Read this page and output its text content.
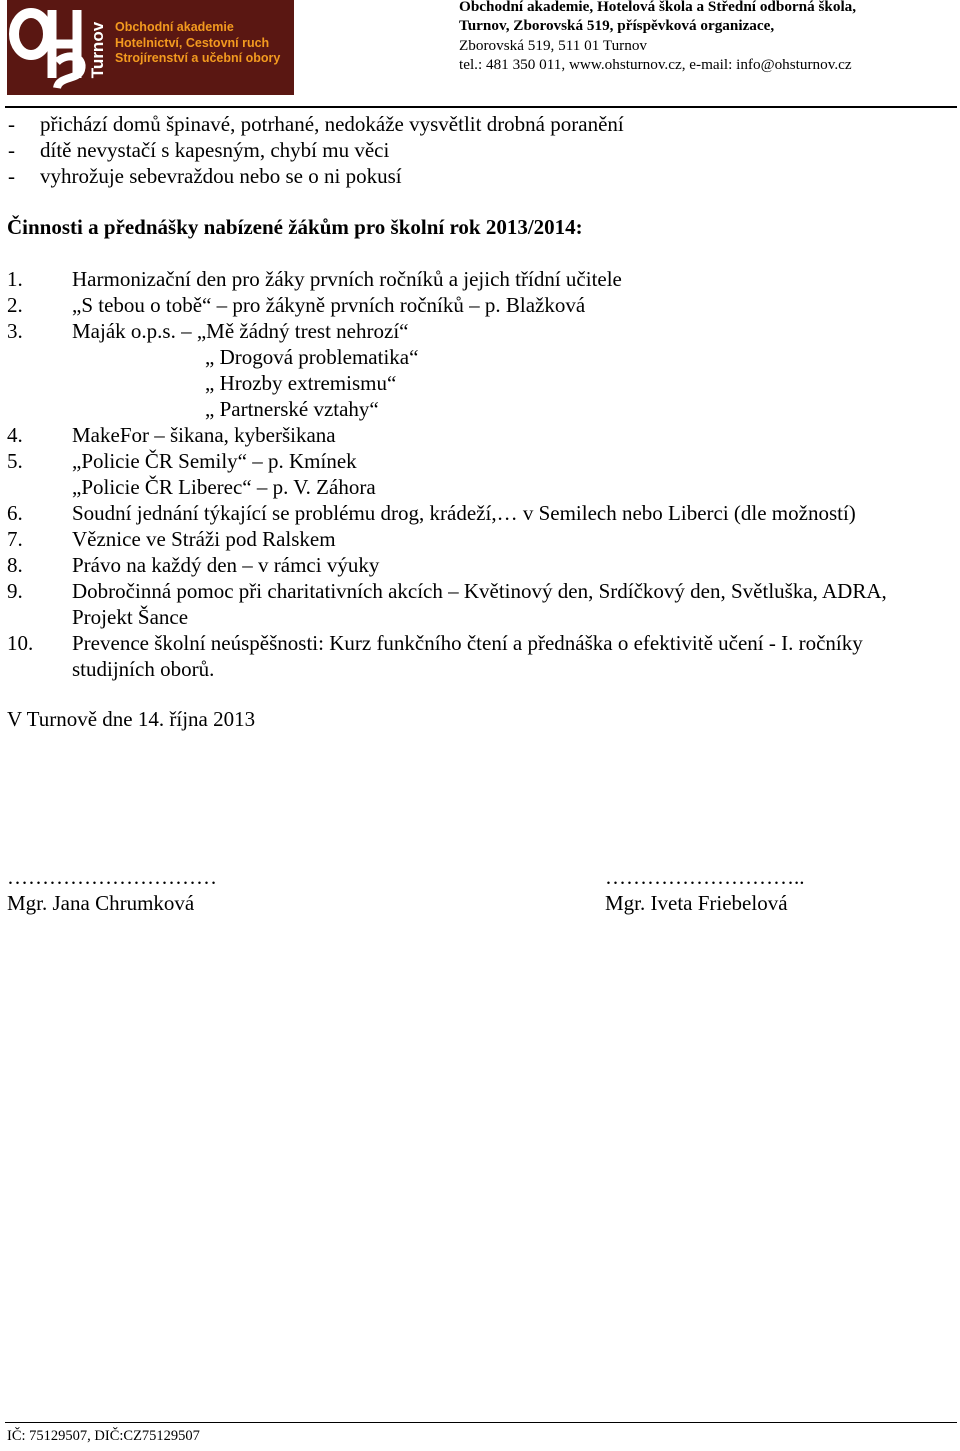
Turnov Obchodní akademie
Hotelnictví, Cestovní ruch
Strojírenství a učební obory
Obchodní akademie, Hotelová škola a Střední odborná škola,
Turnov, Zborovská 519, příspěvková organizace,
Zborovská 519, 511 01 Turnov
tel.: 481 350 011, www.ohsturnov.cz, e-mail: info@ohsturnov.cz
-	přichází domů špinavé, potrhané, nedokáže vysvětlit drobná poranění
-	dítě nevystačí s kapesným, chybí mu věci
-	vyhrožuje sebevraždou nebo se o ni pokusí
Činnosti a přednášky nabízené žákům pro školní rok 2013/2014:
1.	Harmonizační den pro žáky prvních ročníků a jejich třídní učitele
2.	„S tebou o tobě“ – pro žákyně prvních ročníků – p. Blažková
3.	Maják o.p.s. – „Mě žádný trest nehrozí“
„ Drogová problematika“
„ Hrozby extremismu“
„ Partnerské vztahy“
4.	MakeFor – šikana, kyberšikana
5.	„Policie ČR Semily“ – p. Kmínek
„Policie ČR Liberec“ – p. V. Záhora
6.	Soudní jednání týkající se problému drog, krádeží,… v Semilech nebo Liberci (dle možností)
7.	Věznice ve Stráži pod Ralskem
8.	Právo na každý den – v rámci výuky
9.	Dobročinná pomoc při charitativních akcích – Květinový den, Srdíčkový den, Světluška, ADRA,
Projekt Šance
10.	Prevence školní neúspěšnosti: Kurz funkčního čtení a přednáška o efektivitě učení - I. ročníky
studijních oborů.
V Turnově dne 14. října 2013
…………………………
Mgr. Jana Chrumková
………………………..
Mgr. Iveta Friebelová
IČ: 75129507, DIČ:CZ75129507
